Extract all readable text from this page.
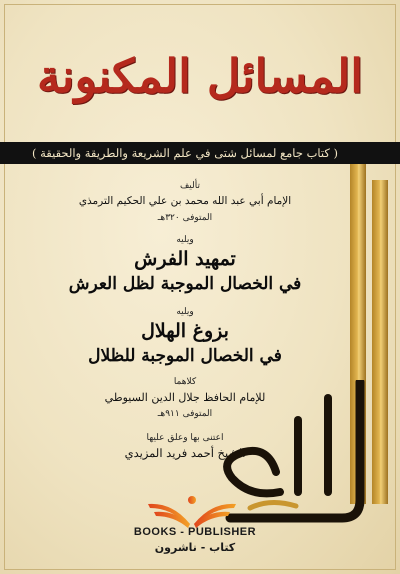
المسائل المكنونة
( كتاب جامع لمسائل شتى في علم الشريعة والطريقة والحقيقة )
تأليف
الإمام أبي عبد الله محمد بن علي الحكيم الترمذي
المتوفى ٣٢٠هـ
ويليه
تمهيد الفرش
في الخصال الموجبة لظل العرش
ويليه
بزوغ الهلال
في الخصال الموجبة للظلال
كلاهما
للإمام الحافظ جلال الدين السيوطي
المتوفى ٩١١هـ
اعتنى بها وعلق عليها
الشيخ أحمد فريد المزيدي
BOOKS - PUBLISHER
كتاب - ناشرون
